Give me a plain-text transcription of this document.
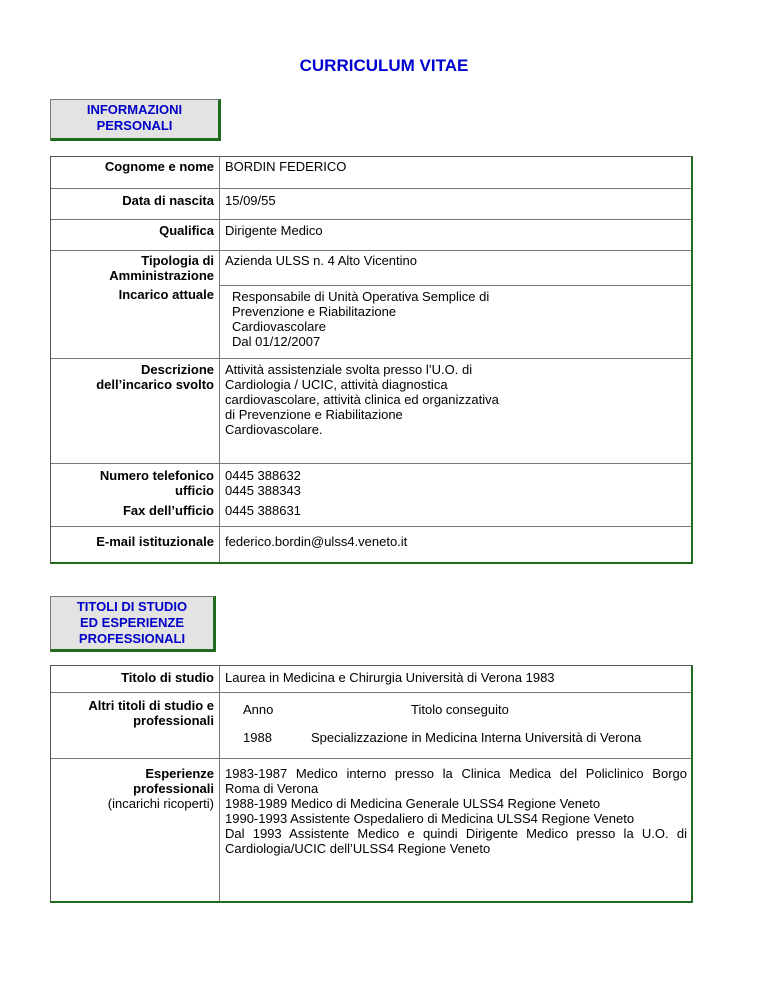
CURRICULUM VITAE
INFORMAZIONI
PERSONALI
Cognome e nome BORDIN FEDERICO
Data di nascita 15/09/55
Qualifica Dirigente Medico
Tipologia di
Amministrazione
Azienda ULSS n. 4 Alto Vicentino
Incarico attuale Responsabile di Unità Operativa Semplice di
Prevenzione e Riabilitazione
Cardiovascolare
Dal 01/12/2007
Descrizione
dell’incarico svolto
Attività assistenziale svolta presso l’U.O. di
Cardiologia / UCIC, attività diagnostica
cardiovascolare, attività clinica ed organizzativa
di Prevenzione e Riabilitazione
Cardiovascolare.
Numero telefonico
ufficio
0445 388632
0445 388343
Fax dell’ufficio 0445 388631
E-mail istituzionale federico.bordin@ulss4.veneto.it
TITOLI DI STUDIO
ED ESPERIENZE
PROFESSIONALI
Titolo di studio Laurea in Medicina e Chirurgia Università di Verona 1983
Altri titoli di studio e
professionali
Anno	Titolo conseguito
1988	Specializzazione in Medicina Interna Università di Verona
Esperienze
professionali
(incarichi ricoperti)
1983-1987 Medico interno presso la Clinica Medica del Policlinico Borgo
Roma di Verona
1988-1989 Medico di Medicina Generale ULSS4 Regione Veneto
1990-1993 Assistente Ospedaliero di Medicina ULSS4 Regione Veneto
Dal 1993 Assistente Medico e quindi Dirigente Medico presso la U.O. di
Cardiologia/UCIC dell’ULSS4 Regione Veneto
